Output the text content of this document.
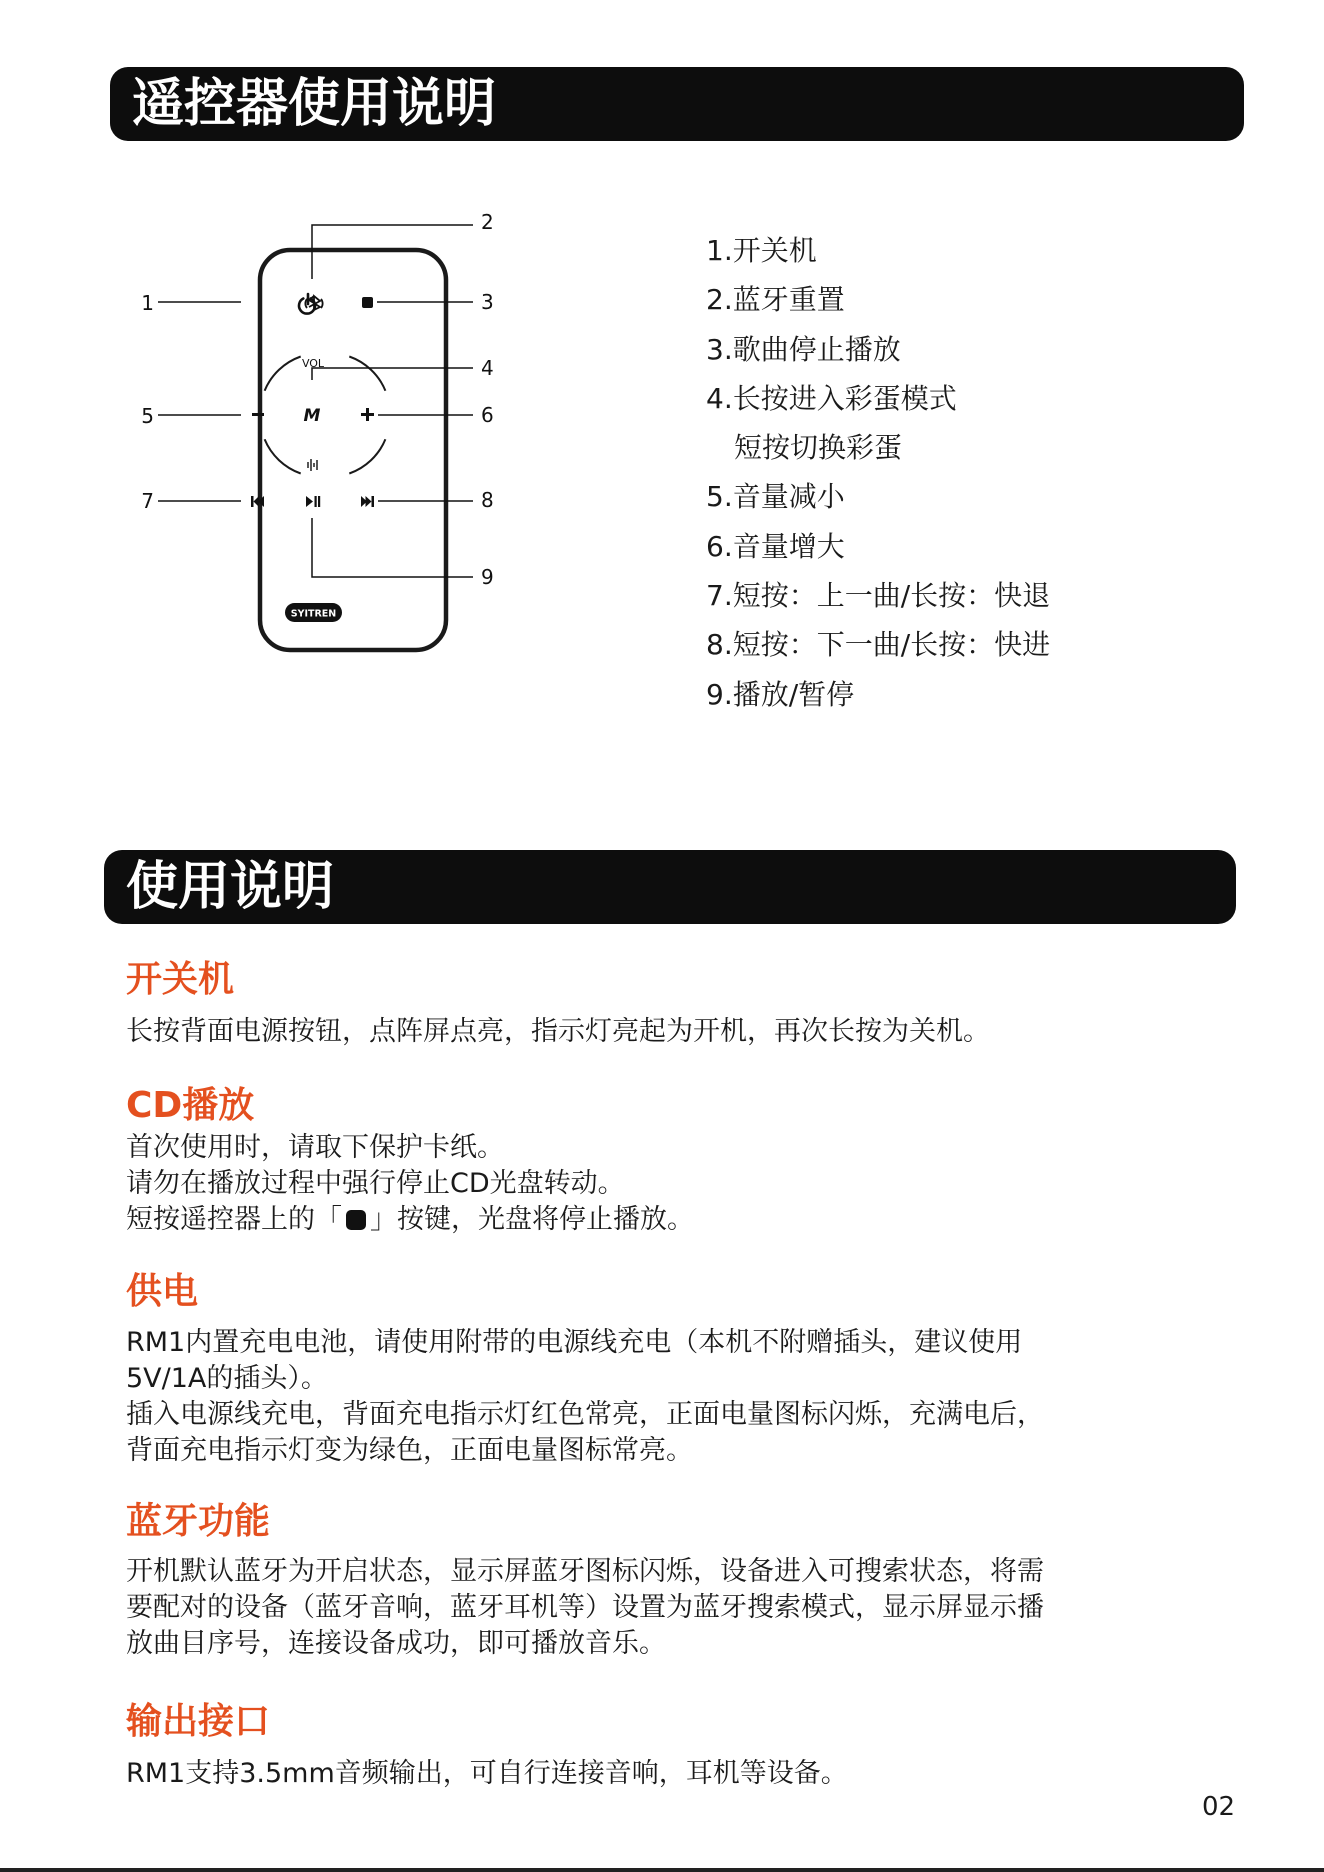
遥控器使用说明
VOL
M
SYITREN
1
2
3
4
5	6
7	8
9
1.开关机
2.蓝牙重置
3.歌曲停止播放
4.长按进入彩蛋模式
短按切换彩蛋
5.音量减小
6.音量增大
7.短按：上一曲/长按：快退
8.短按：下一曲/长按：快进
9.播放/暂停
使用说明
开关机

长按背面电源按钮，点阵屏点亮，指示灯亮起为开机，再次长按为关机。

CD播放

首次使用时，请取下保护卡纸。

请勿在播放过程中强行停止CD光盘转动。

短按遥控器上的「 」按键，光盘将停止播放。

供电

RM1内置充电电池，请使用附带的电源线充电（本机不附赠插头，建议使用

5V/1A的插头）。

插入电源线充电，背面充电指示灯红色常亮，正面电量图标闪烁，充满电后，

背面充电指示灯变为绿色，正面电量图标常亮。

蓝牙功能

开机默认蓝牙为开启状态，显示屏蓝牙图标闪烁，设备进入可搜索状态，将需

要配对的设备（蓝牙音响，蓝牙耳机等）设置为蓝牙搜索模式，显示屏显示播

放曲目序号，连接设备成功，即可播放音乐。

输出接口

RM1支持3.5mm音频输出，可自行连接音响，耳机等设备。

02
